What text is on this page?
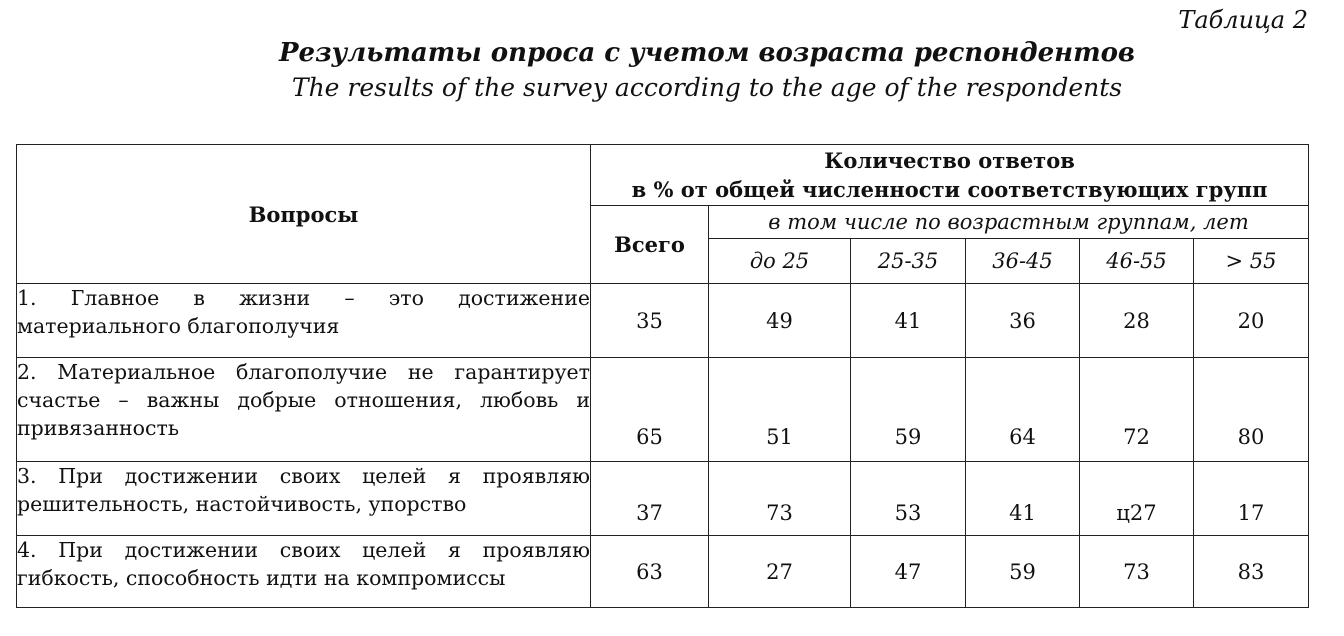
Таблица 2
Результаты опроса с учетом возраста респондентов
The results of the survey according to the age of the respondents
Вопросы	Количество ответов
в % от общей численности соответствующих групп					
	Всего	в том числе по возрастным группам, лет				
		до 25	25-35	36-45	46-55	> 55
1. Главное в жизни – это достижение материального благополучия	35	49	41	36	28	20
2. Материальное благополучие не гарантирует счастье – важны добрые отношения, любовь и привязанность	65	51	59	64	72	80
3. При достижении своих целей я проявляю решительность, настойчивость, упорство	37	73	53	41	ц27	17
4. При достижении своих целей я проявляю гибкость, способность идти на компромиссы	63	27	47	59	73	83
